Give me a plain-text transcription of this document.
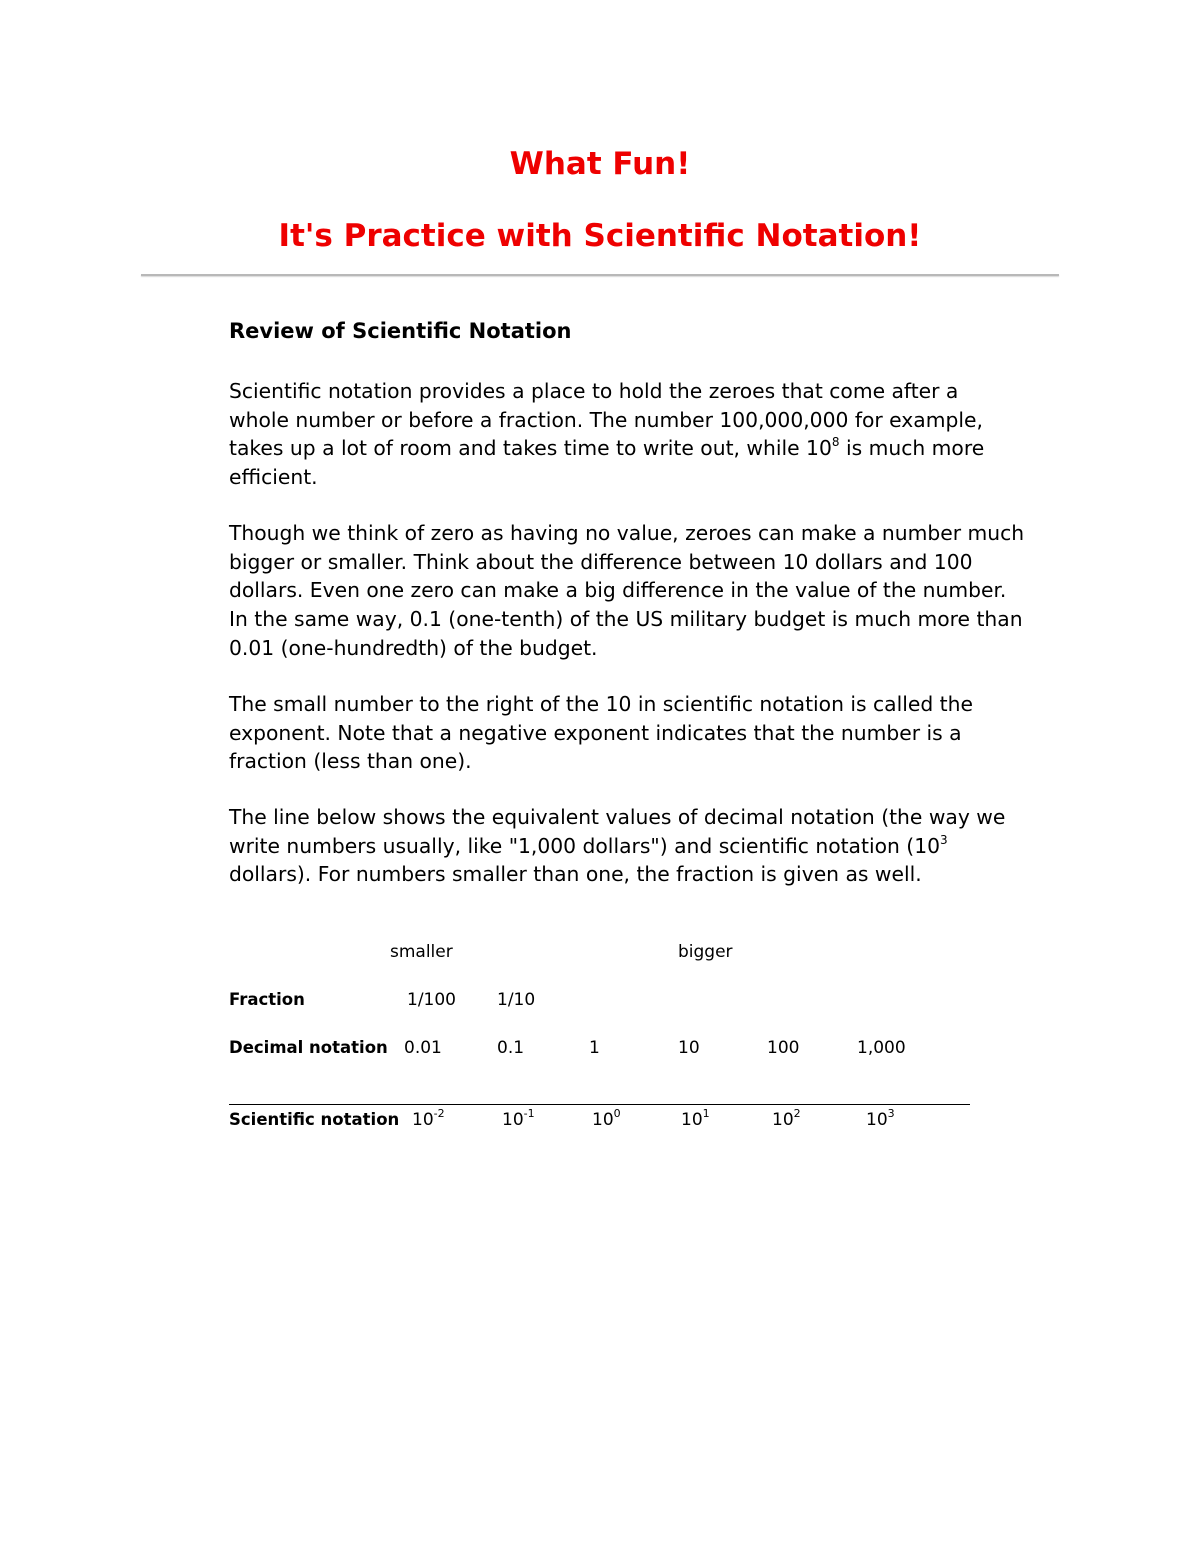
What Fun!
It's Practice with Scientific Notation!
Review of Scientific Notation
Scientific notation provides a place to hold the zeroes that come after a
whole number or before a fraction. The number 100,000,000 for example,
takes up a lot of room and takes time to write out, while $10^8$ is much more
efficient.
Though we think of zero as having no value, zeroes can make a number much
bigger or smaller. Think about the difference between 10 dollars and 100
dollars. Even one zero can make a big difference in the value of the number.
In the same way, 0.1 (one-tenth) of the US military budget is much more than
0.01 (one-hundredth) of the budget.
The small number to the right of the 10 in scientific notation is called the
exponent. Note that a negative exponent indicates that the number is a
fraction (less than one).
The line below shows the equivalent values of decimal notation (the way we
write numbers usually, like "1,000 dollars") and scientific notation ($10^3$
dollars). For numbers smaller than one, the fraction is given as well.
smaller	bigger
Fraction	1/100 1/10
Decimal notation 0.01	0.1	1	10	100	1,000
Scientific notation $10^{-2}$	$10^{-1}$	$10^0$	$10^1$	$10^2$	$10^3$
